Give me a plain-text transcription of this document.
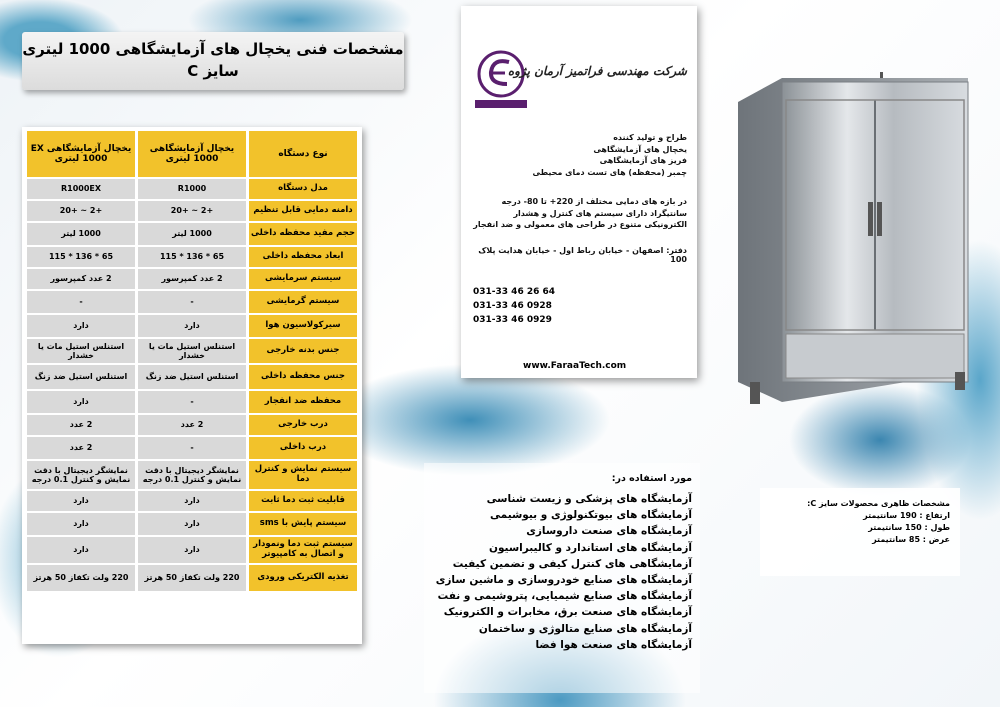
مشخصات فنی یخچال های آزمایشگاهی 1000 لیتری
سایز C
نوع دستگاه	یخچال آزمایشگاهی 1000 لیتری	یخچال آزمایشگاهی EX 1000 لیتری
مدل دستگاه	R1000	R1000EX
دامنه دمایی قابل تنظیم	+2 ~ +20	+2 ~ +20
حجم مفید محفظه داخلی	1000 لیتر	1000 لیتر
ابعاد محفظه داخلی	65 * 136 * 115	65 * 136 * 115
سیستم سرمایشی	2 عدد کمپرسور	2 عدد کمپرسور
سیستم گرمایشی	-	-
سیرکولاسیون هوا	دارد	دارد
جنس بدنه خارجی	استنلس استیل مات یا خشدار	استنلس استیل مات یا خشدار
جنس محفظه داخلی	استنلس استیل ضد زنگ	استنلس استیل ضد زنگ
محفظه ضد انفجار	-	دارد
درب خارجی	2 عدد	2 عدد
درب داخلی	-	2 عدد
سیستم نمایش و کنترل دما	نمایشگر دیجیتال با دقت نمایش و کنترل 0.1 درجه	نمایشگر دیجیتال با دقت نمایش و کنترل 0.1 درجه
قابلیت ثبت دما ثابت	دارد	دارد
سیستم پایش با sms	دارد	دارد
سیستم ثبت دما ونمودار و اتصال به کامپیوتر	دارد	دارد
تغذیه الکتریکی ورودی	220 ولت تکفاز 50 هرتز	220 ولت تکفاز 50 هرتز
شرکت مهندسی فراتمیز آرمان پژوه
طراح و تولید کننده
یخچال های آزمایشگاهی
فریز های آزمایشگاهی
چمبر (محفظه) های تست دمای محیطی
در بازه های دمایی مختلف از 220+ تا 80- درجه سانتیگراد دارای سیستم های کنترل و هشدار الکترونیکی متنوع در طراحی های معمولی و ضد انفجار
دفتر: اصفهان - خیابان رباط اول - خیابان هدایت پلاک 100
031-33 46 26 64
031-33 46 0928
031-33 46 0929
www.FaraaTech.com
مورد استفاده در:
آزمایشگاه های پزشکی و زیست شناسی
آزمایشگاه های بیوتکنولوژی و بیوشیمی
آزمایشگاه های صنعت داروسازی
آزمایشگاه های استاندارد و کالیبراسیون
آزمایشگاهی های کنترل کیفی و تضمین کیفیت
آزمایشگاه های صنایع خودروسازی و ماشین سازی
آزمایشگاه های صنایع شیمیایی، پتروشیمی و نفت
آزمایشگاه های صنعت برق، مخابرات و الکترونیک
آزمایشگاه های صنایع متالوژی و ساختمان
آزمایشگاه های صنعت هوا فضا
مشخصات ظاهری محصولات سایز C:
ارتفاع : 190 سانتیمتر
طول : 150 سانتیمتر
عرض : 85 سانتیمتر
